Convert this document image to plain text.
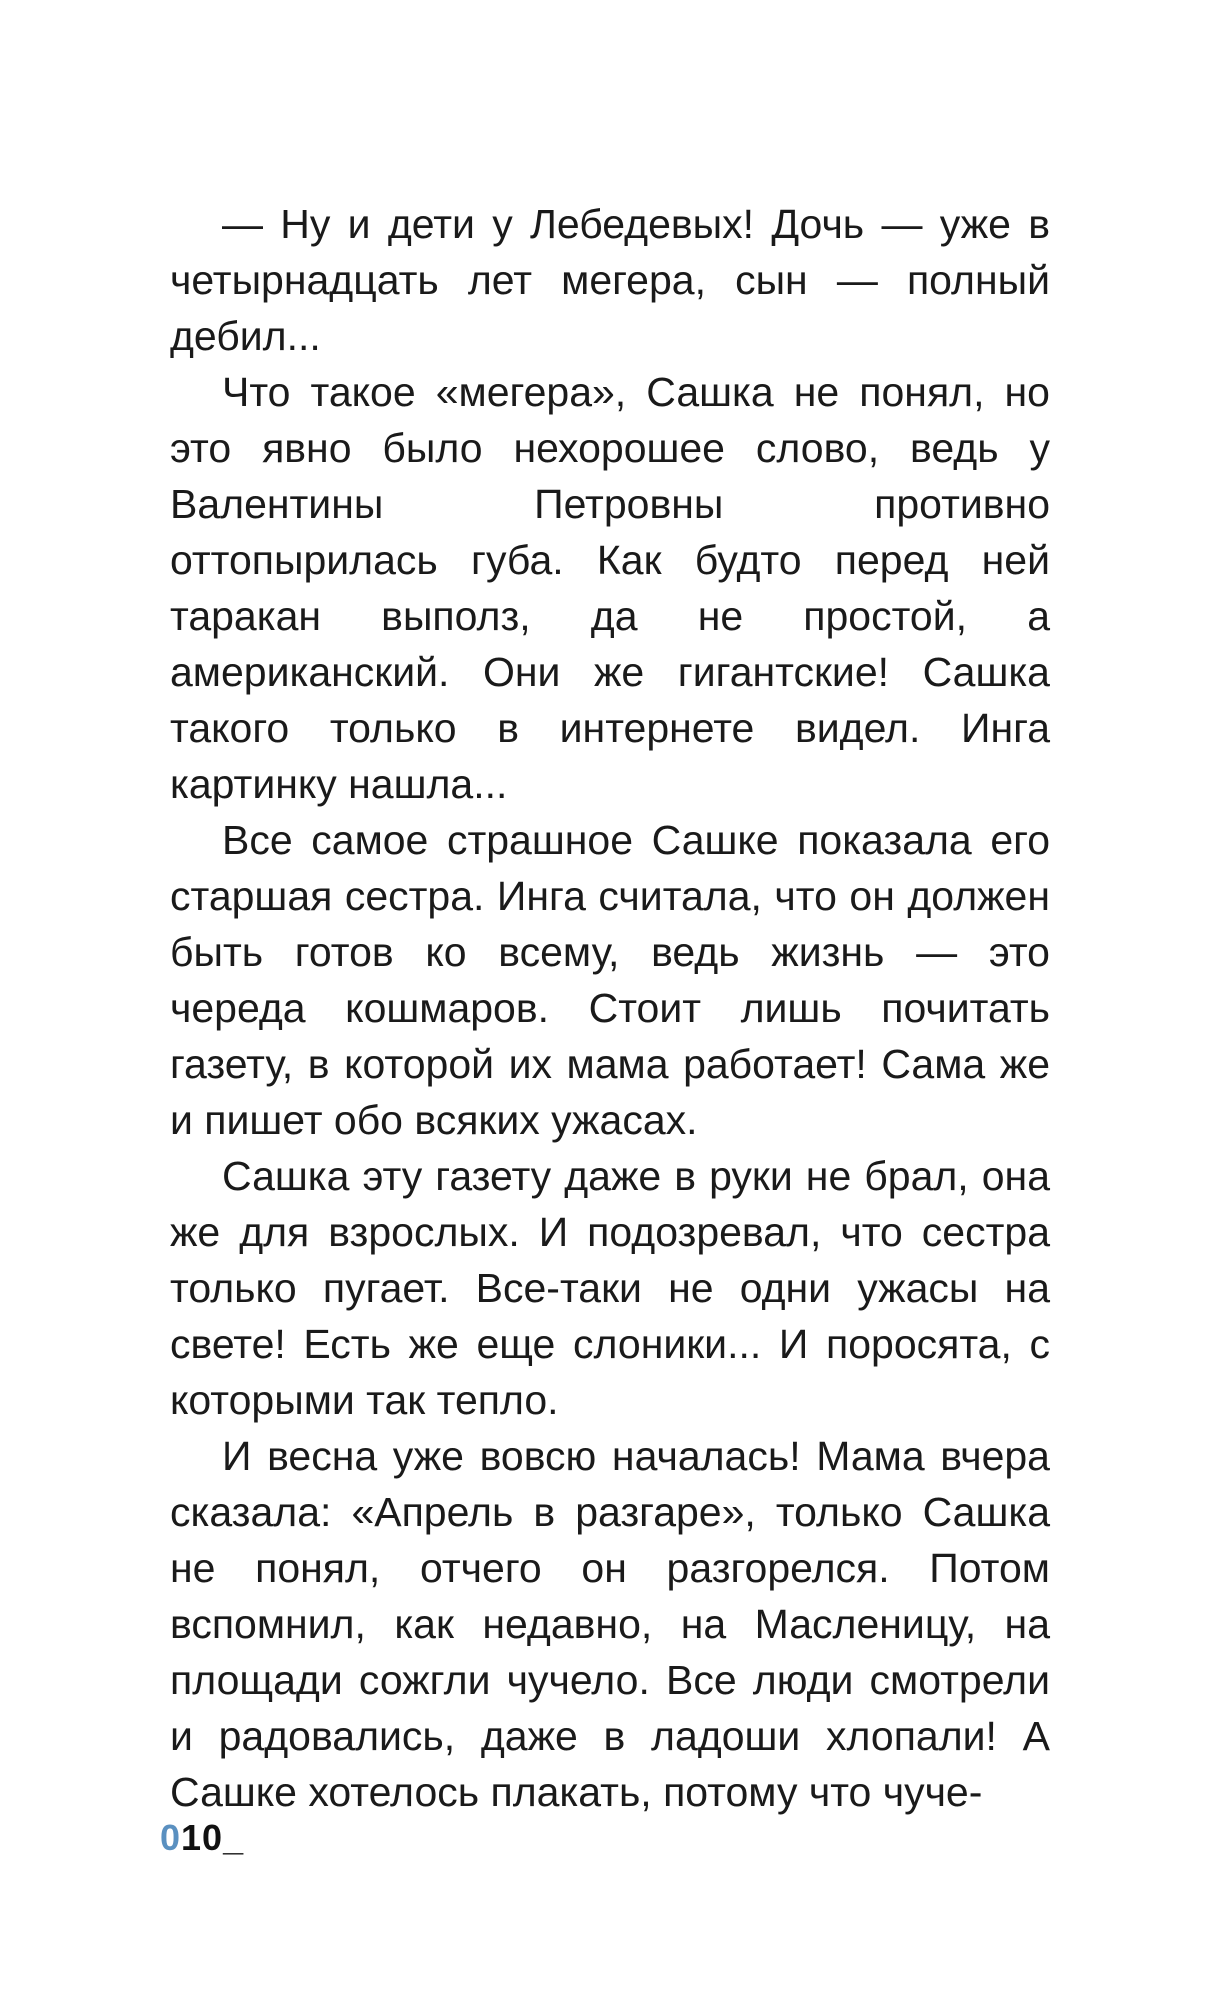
— Ну и дети у Лебедевых! Дочь — уже в четырнадцать лет мегера, сын — полный дебил...

Что такое «мегера», Сашка не понял, но это явно было нехорошее слово, ведь у Валентины Петровны противно оттопырилась губа. Как будто перед ней таракан выполз, да не простой, а американский. Они же гигантские! Сашка такого только в интернете видел. Инга картинку нашла...

Все самое страшное Сашке показала его старшая сестра. Инга считала, что он должен быть готов ко всему, ведь жизнь — это череда кошмаров. Стоит лишь почитать газету, в которой их мама работает! Сама же и пишет обо всяких ужасах.

Сашка эту газету даже в руки не брал, она же для взрослых. И подозревал, что сестра только пугает. Все-таки не одни ужасы на свете! Есть же еще слоники... И поросята, с которыми так тепло.

И весна уже вовсю началась! Мама вчера сказала: «Апрель в разгаре», только Сашка не понял, отчего он разгорелся. Потом вспомнил, как недавно, на Масленицу, на площади сожгли чучело. Все люди смотрели и радовались, даже в ладоши хлопали! А Сашке хотелось плакать, потому что чуче-

010_
